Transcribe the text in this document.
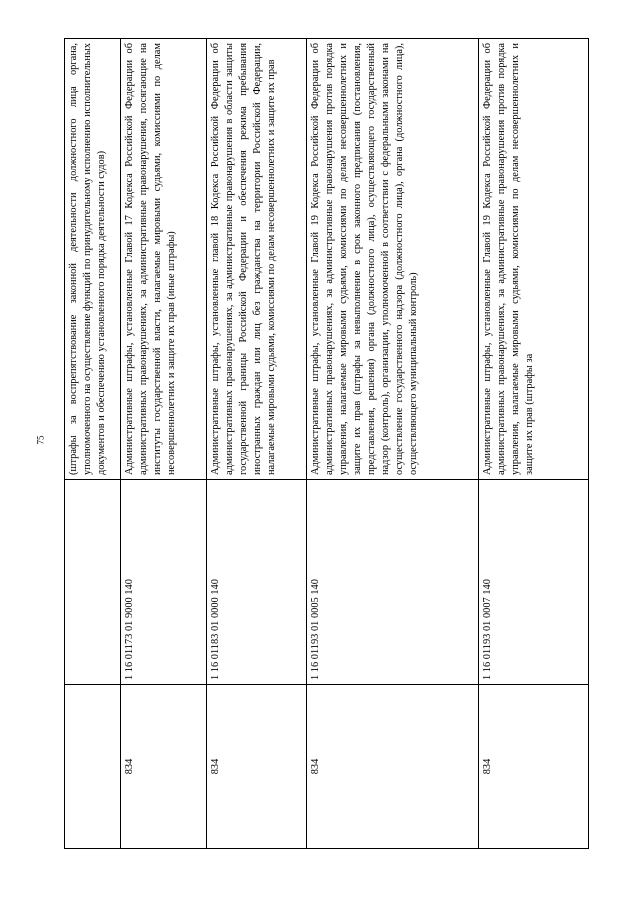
75
		(штрафы за воспрепятствование законной деятельности должностного лица органа, уполномоченного на осуществление функций по принудительному исполнению исполнительных документов и обеспечению установленного порядка деятельности судов)
834	1 16 01173 01 9000 140	Административные штрафы, установленные Главой 17 Кодекса Российской Федерации об административных правонарушениях, за административные правонарушения, посягающие на институты государственной власти, налагаемые мировыми судьями, комиссиями по делам несовершеннолетних и защите их прав (иные штрафы)
834	1 16 01183 01 0000 140	Административные штрафы, установленные главой 18 Кодекса Российской Федерации об административных правонарушениях, за административные правонарушения в области защиты государственной границы Российской Федерации и обеспечения режима пребывания иностранных граждан или лиц без гражданства на территории Российской Федерации, налагаемые мировыми судьями, комиссиями по делам несовершеннолетних и защите их прав
834	1 16 01193 01 0005 140	Административные штрафы, установленные Главой 19 Кодекса Российской Федерации об административных правонарушениях, за административные правонарушения против порядка управления, налагаемые мировыми судьями, комиссиями по делам несовершеннолетних и защите их прав (штрафы за невыполнение в срок законного предписания (постановления, представления, решения) органа (должностного лица), осуществляющего государственный надзор (контроль), организации, уполномоченной в соответствии с федеральными законами на осуществление государственного надзора (должностного лица), органа (должностного лица), осуществляющего муниципальный контроль)
834	1 16 01193 01 0007 140	Административные штрафы, установленные Главой 19 Кодекса Российской Федерации об административных правонарушениях, за административные правонарушения против порядка управления, налагаемые мировыми судьями, комиссиями по делам несовершеннолетних и защите их прав (штрафы за
